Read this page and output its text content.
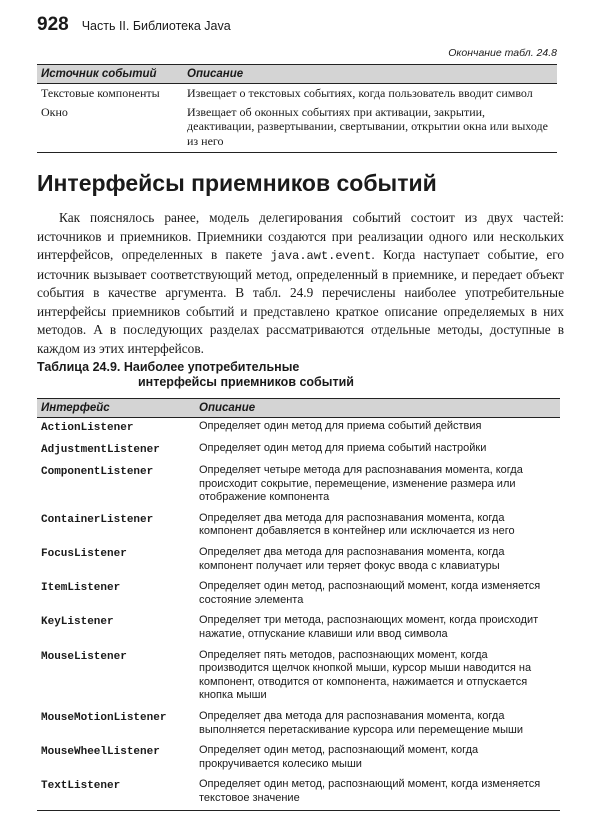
928 Часть II. Библиотека Java
Окончание табл. 24.8
Источник событий	Описание
Текстовые компоненты	Извещает о текстовых событиях, когда пользователь вводит символ
Окно	Извещает об оконных событиях при активации, закрытии, деактивации, развертывании, свертывании, открытии окна или выходе из него
Интерфейсы приемников событий

Как пояснялось ранее, модель делегирования событий состоит из двух частей: источников и приемников. Приемники создаются при реализации одного или нескольких интерфейсов, определенных в пакете java.awt.event. Когда наступает событие, его источник вызывает соответствующий метод, определенный в приемнике, и передает объект события в качестве аргумента. В табл. 24.9 перечислены наиболее употребительные интерфейсы приемников событий и представлено краткое описание определяемых в них методов. А в последующих разделах рассматриваются отдельные методы, доступные в каждом из этих интерфейсов.

Таблица 24.9. Наиболее употребительные
интерфейсы приемников событий

Интерфейс	Описание
ActionListener	Определяет один метод для приема событий действия
AdjustmentListener	Определяет один метод для приема событий настройки
ComponentListener	Определяет четыре метода для распознавания момента, когда происходит сокрытие, перемещение, изменение размера или отображение компонента
ContainerListener	Определяет два метода для распознавания момента, когда компонент добавляется в контейнер или исключается из него
FocusListener	Определяет два метода для распознавания момента, когда компонент получает или теряет фокус ввода с клавиатуры
ItemListener	Определяет один метод, распознающий момент, когда изменяется состояние элемента
KeyListener	Определяет три метода, распознающих момент, когда происходит нажатие, отпускание клавиши или ввод символа
MouseListener	Определяет пять методов, распознающих момент, когда производится щелчок кнопкой мыши, курсор мыши наводится на компонент, отводится от компонента, нажимается и отпускается кнопка мыши
MouseMotionListener	Определяет два метода для распознавания момента, когда выполняется перетаскивание курсора или перемещение мыши
MouseWheelListener	Определяет один метод, распознающий момент, когда прокручивается колесико мыши
TextListener	Определяет один метод, распознающий момент, когда изменяется текстовое значение
